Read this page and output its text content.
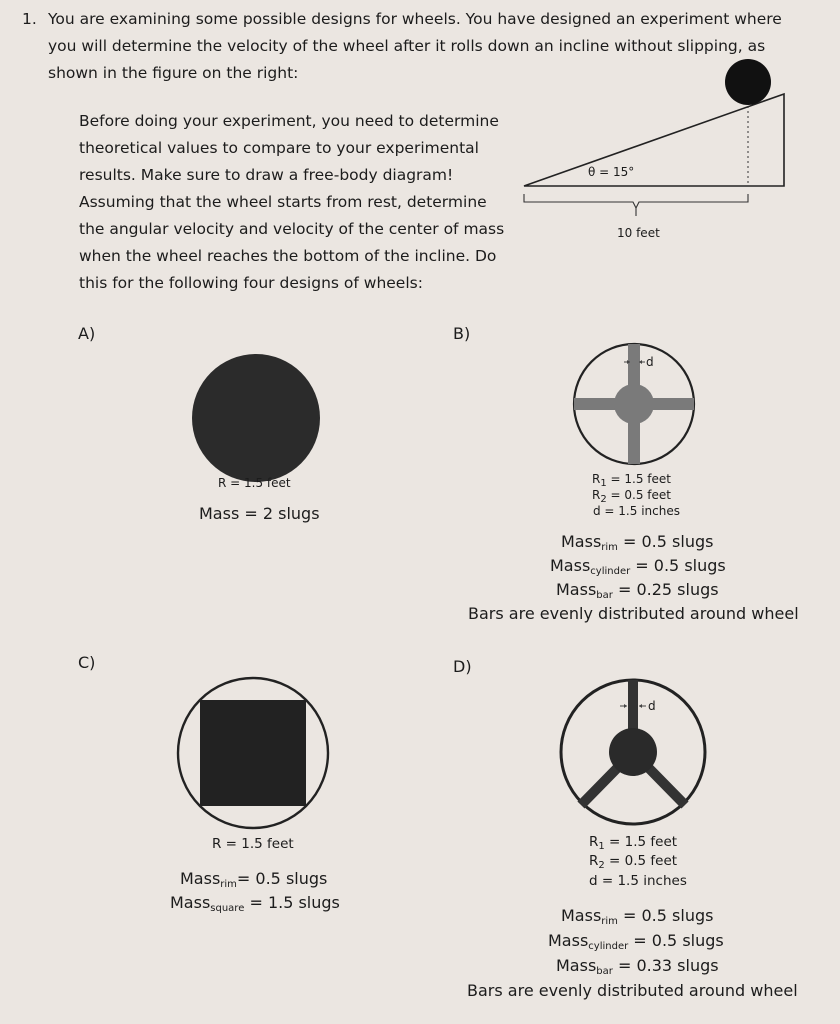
1. You are examining some possible designs for wheels. You have designed an experiment where
you will determine the velocity of the wheel after it rolls down an incline without slipping, as
shown in the figure on the right:
Before doing your experiment, you need to determine
theoretical values to compare to your experimental
results. Make sure to draw a free-body diagram!
Assuming that the wheel starts from rest, determine
the angular velocity and velocity of the center of mass
when the wheel reaches the bottom of the incline. Do
this for the following four designs of wheels:
θ = 15°
10 feet
A)
R = 1.5 feet
Mass = 2 slugs
B)
d
$R_1 = 1.5$ feet
$R_2 = 0.5$ feet
d = 1.5 inches
Mass$_{rim}$ = 0.5 slugs
Mass$_{cylinder}$ = 0.5 slugs
Mass$_{bar}$ = 0.25 slugs
Bars are evenly distributed around wheel
C)
R = 1.5 feet
Mass$_{rim}$= 0.5 slugs
Mass$_{square}$ = 1.5 slugs
D)
d
$R_1 = 1.5$ feet
$R_2 = 0.5$ feet
d = 1.5 inches
Mass$_{rim}$ = 0.5 slugs
Mass$_{cylinder}$ = 0.5 slugs
Mass$_{bar}$ = 0.33 slugs
Bars are evenly distributed around wheel
